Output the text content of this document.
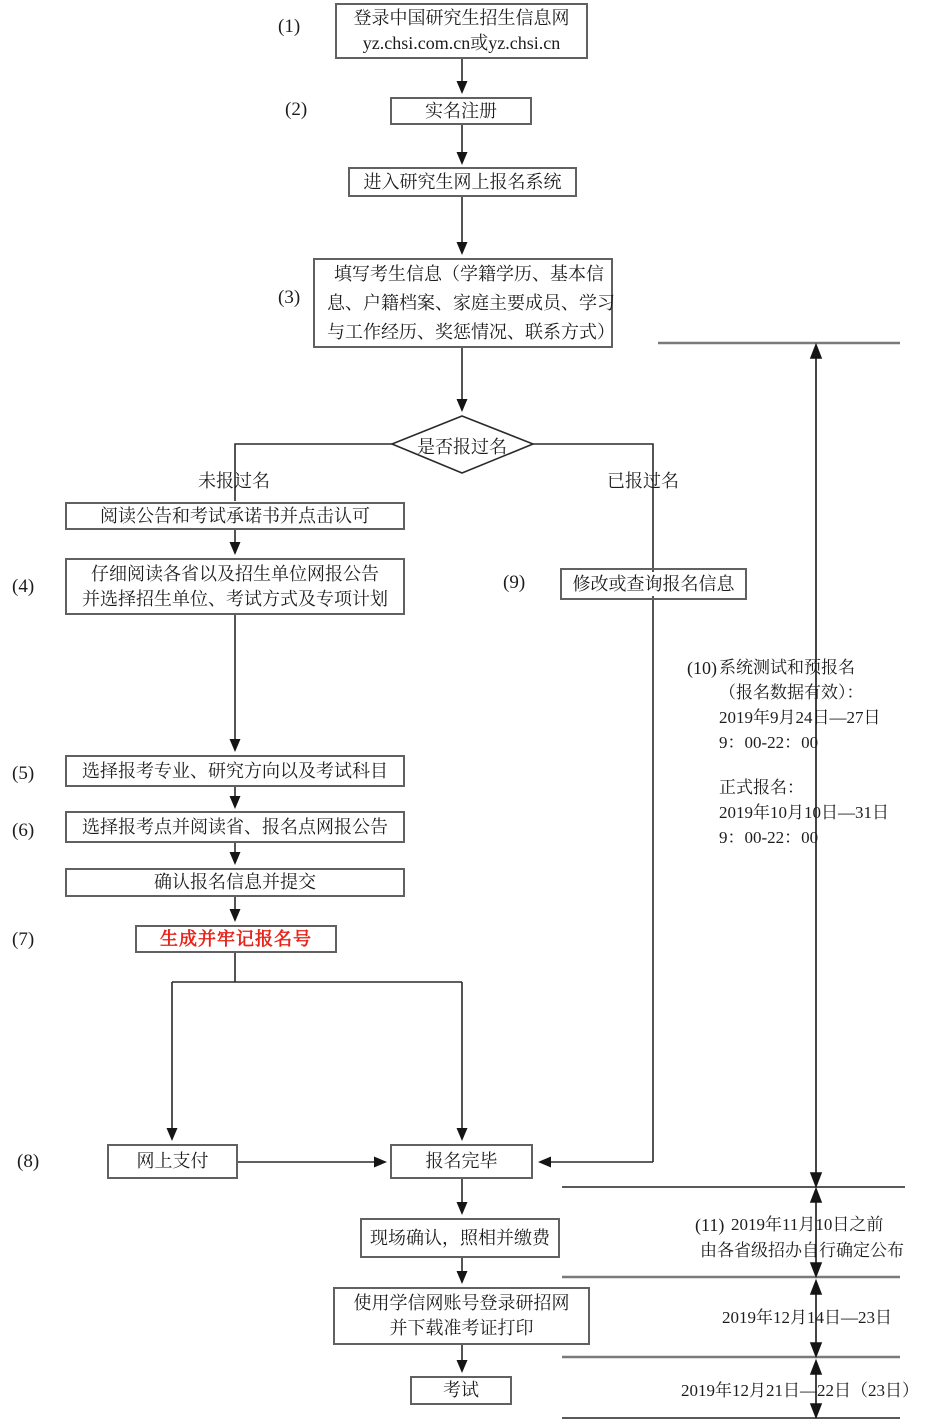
(1)
(2)
(3)
(4)
(5)
(6)
(7)
(8)
(9)
登录中国研究生招生信息网
yz.chsi.com.cn或yz.chsi.cn
实名注册
进入研究生网上报名系统
填写考生信息（学籍学历、基本信
息、户籍档案、家庭主要成员、学习
与工作经历、奖惩情况、联系方式）
是否报过名
未报过名	已报过名
阅读公告和考试承诺书并点击认可
仔细阅读各省以及招生单位网报公告
并选择招生单位、考试方式及专项计划
修改或查询报名信息
选择报考专业、研究方向以及考试科目
选择报考点并阅读省、报名点网报公告
确认报名信息并提交
生成并牢记报名号
网上支付	报名完毕
现场确认，照相并缴费
使用学信网账号登录研招网
并下载准考证打印
考试
(10) 系统测试和预报名
（报名数据有效）：
2019年9月24日—27日
9：00-22：00
正式报名：
2019年10月10日—31日
9：00-22：00
(11) 2019年11月10日之前
由各省级招办自行确定公布
2019年12月14日—23日
2019年12月21日—22日（23日）
